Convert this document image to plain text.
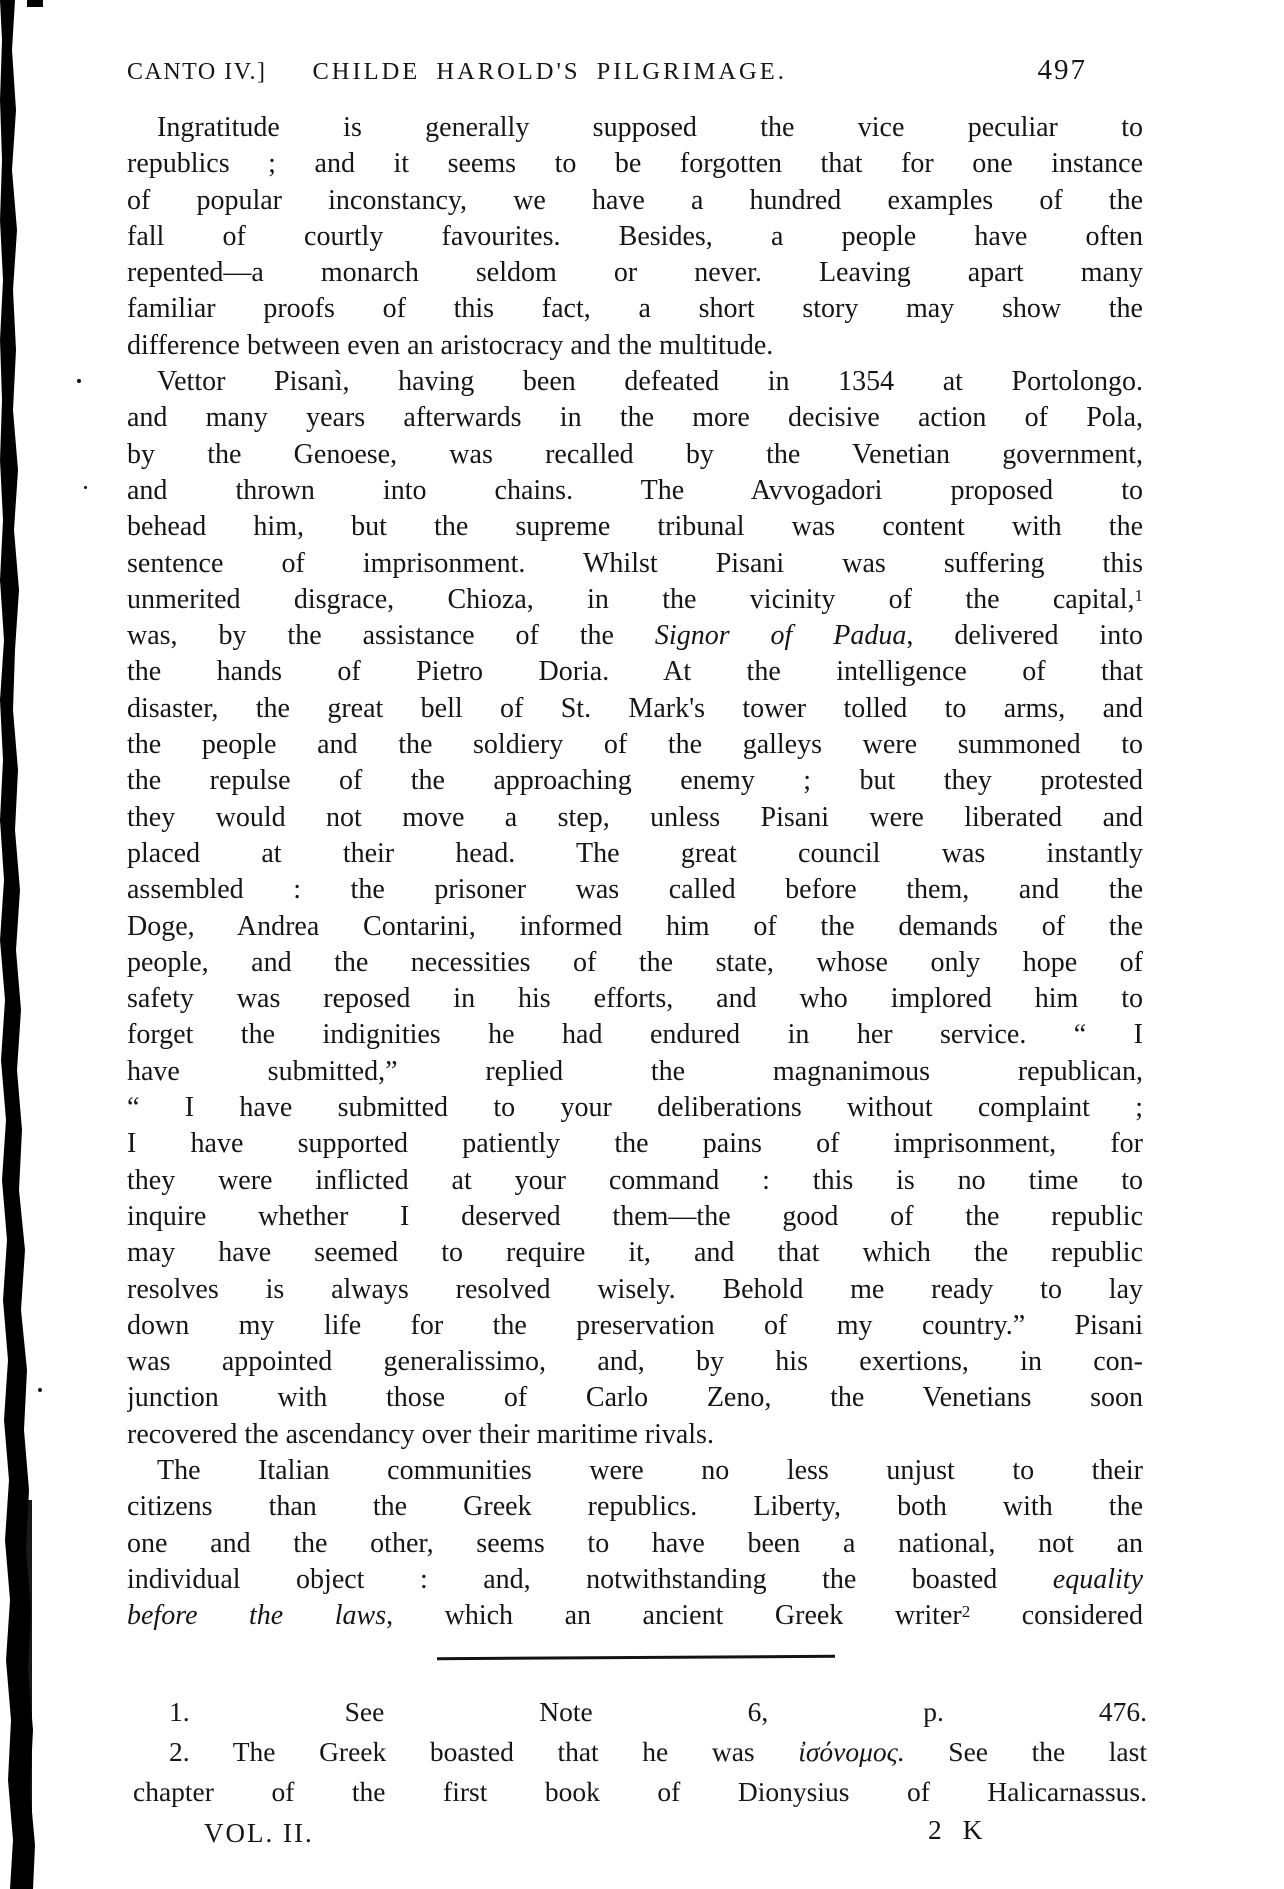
CANTO IV.] CHILDE HAROLD'S PILGRIMAGE.	497
Ingratitude is generally supposed the vice peculiar to
republics ; and it seems to be forgotten that for one instance
of popular inconstancy, we have a hundred examples of the
fall of courtly favourites. Besides, a people have often
repented—a monarch seldom or never. Leaving apart many
familiar proofs of this fact, a short story may show the
difference between even an aristocracy and the multitude.
Vettor Pisanì, having been defeated in 1354 at Portolongo.
and many years afterwards in the more decisive action of Pola,
by the Genoese, was recalled by the Venetian government,
and thrown into chains. The Avvogadori proposed to
behead him, but the supreme tribunal was content with the
sentence of imprisonment. Whilst Pisani was suffering this
unmerited disgrace, Chioza, in the vicinity of the capital,$^1$
was, by the assistance of the Signor of Padua, delivered into
the hands of Pietro Doria. At the intelligence of that
disaster, the great bell of St. Mark's tower tolled to arms, and
the people and the soldiery of the galleys were summoned to
the repulse of the approaching enemy ; but they protested
they would not move a step, unless Pisani were liberated and
placed at their head. The great council was instantly
assembled : the prisoner was called before them, and the
Doge, Andrea Contarini, informed him of the demands of the
people, and the necessities of the state, whose only hope of
safety was reposed in his efforts, and who implored him to
forget the indignities he had endured in her service. “ I
have submitted,” replied the magnanimous republican,
“ I have submitted to your deliberations without complaint ;
I have supported patiently the pains of imprisonment, for
they were inflicted at your command : this is no time to
inquire whether I deserved them—the good of the republic
may have seemed to require it, and that which the republic
resolves is always resolved wisely. Behold me ready to lay
down my life for the preservation of my country.” Pisani
was appointed generalissimo, and, by his exertions, in con-
junction with those of Carlo Zeno, the Venetians soon
recovered the ascendancy over their maritime rivals.
The Italian communities were no less unjust to their
citizens than the Greek republics. Liberty, both with the
one and the other, seems to have been a national, not an
individual object : and, notwithstanding the boasted equality
before the laws, which an ancient Greek writer$^2$ considered
1. See Note 6, p. 476.
2. The Greek boasted that he was ἰσόνομος. See the last
chapter of the first book of Dionysius of Halicarnassus.
VOL. II.	2 K
